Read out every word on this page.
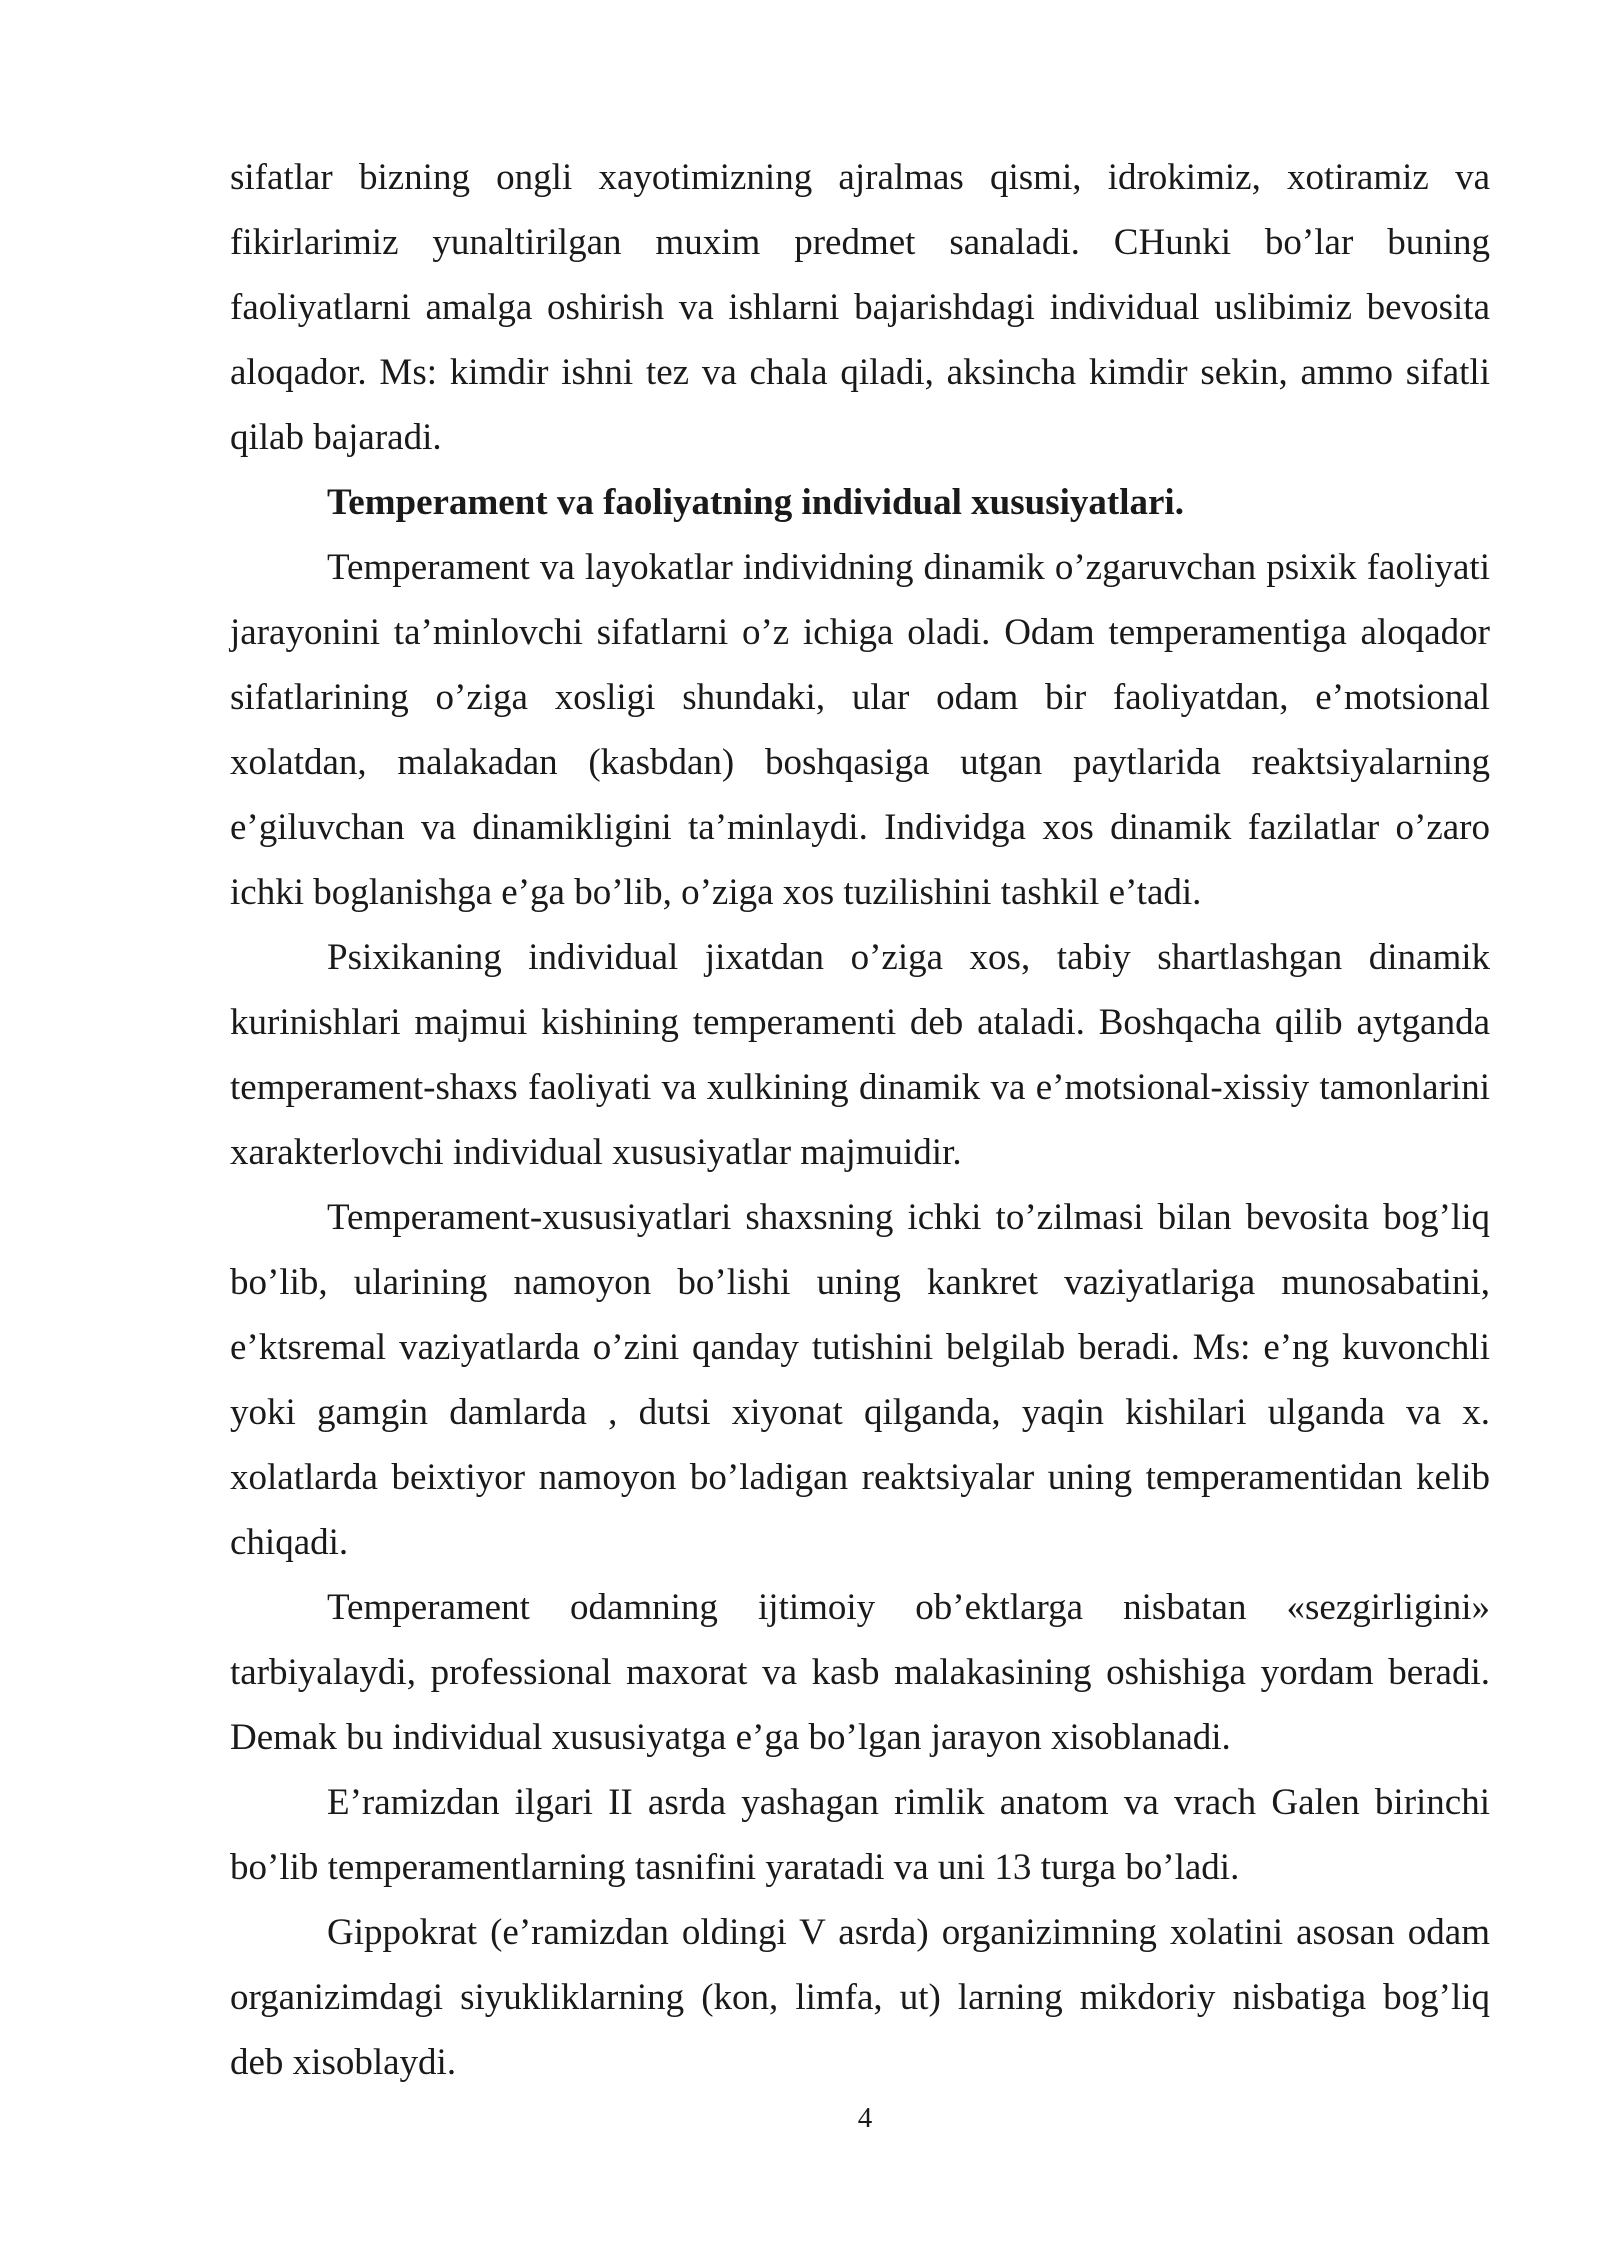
sifatlar bizning ongli xayotimizning ajralmas qismi, idrokimiz, xotiramiz va fikirlarimiz yunaltirilgan muxim predmet sanaladi. CHunki bo’lar buning faoliyatlarni amalga oshirish va ishlarni bajarishdagi individual uslibimiz bevosita aloqador. Ms: kimdir ishni tez va chala qiladi, aksincha kimdir sekin, ammo sifatli qilab bajaradi.

Temperament va faoliyatning individual xususiyatlari.

Temperament va layokatlar individning dinamik o’zgaruvchan psixik faoliyati jarayonini ta’minlovchi sifatlarni o’z ichiga oladi. Odam temperamentiga aloqador sifatlarining o’ziga xosligi shundaki, ular odam bir faoliyatdan, e’motsional xolatdan, malakadan (kasbdan) boshqasiga utgan paytlarida reaktsiyalarning e’giluvchan va dinamikligini ta’minlaydi. Individga xos dinamik fazilatlar o’zaro ichki boglanishga e’ga bo’lib, o’ziga xos tuzilishini tashkil e’tadi.

Psixikaning individual jixatdan o’ziga xos, tabiy shartlashgan dinamik kurinishlari majmui kishining temperamenti deb ataladi. Boshqacha qilib aytganda temperament-shaxs faoliyati va xulkining dinamik va e’motsional-xissiy tamonlarini xarakterlovchi individual xususiyatlar majmuidir.

Temperament-xususiyatlari shaxsning ichki to’zilmasi bilan bevosita bog’liq bo’lib, ularining namoyon bo’lishi uning kankret vaziyatlariga munosabatini, e’ktsremal vaziyatlarda o’zini qanday tutishini belgilab beradi. Ms: e’ng kuvonchli yoki gamgin damlarda , dutsi xiyonat qilganda, yaqin kishilari ulganda va x. xolatlarda beixtiyor namoyon bo’ladigan reaktsiyalar uning temperamentidan kelib chiqadi.

Temperament odamning ijtimoiy ob’ektlarga nisbatan «sezgirligini» tarbiyalaydi, professional maxorat va kasb malakasining oshishiga yordam beradi. Demak bu individual xususiyatga e’ga bo’lgan jarayon xisoblanadi.

E’ramizdan ilgari II asrda yashagan rimlik anatom va vrach Galen birinchi bo’lib temperamentlarning tasnifini yaratadi va uni 13 turga bo’ladi.

Gippokrat (e’ramizdan oldingi V asrda) organizimning xolatini asosan odam organizimdagi siyukliklarning (kon, limfa, ut) larning mikdoriy nisbatiga bog’liq deb xisoblaydi.

4
